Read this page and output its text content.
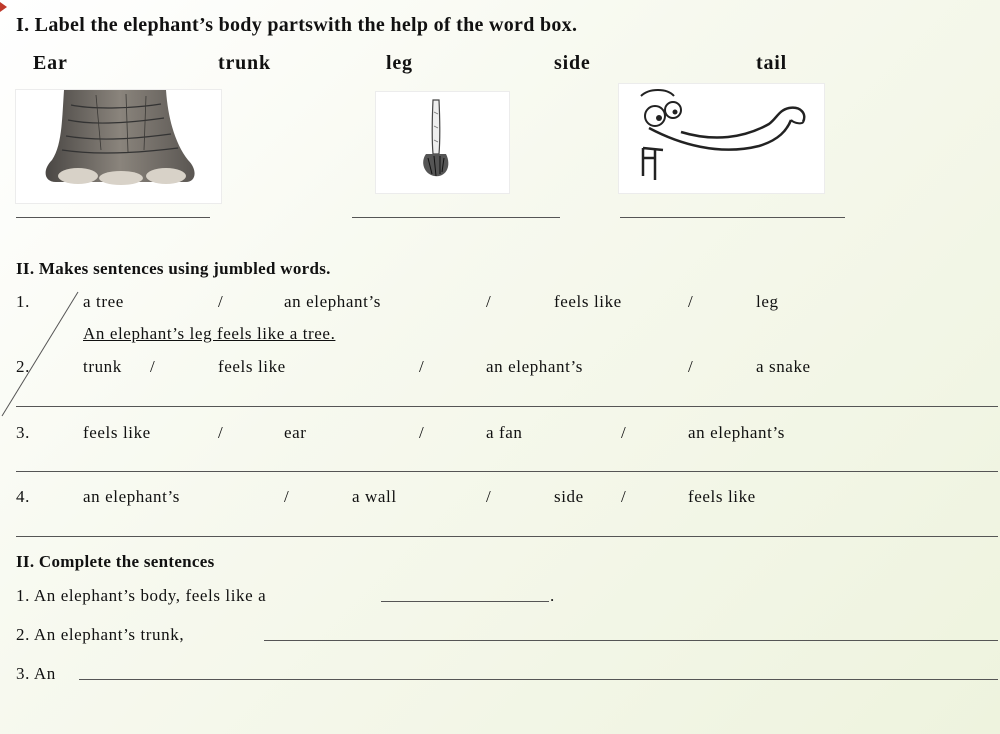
I. Label the elephant’s body partswith the help of the word box.
Ear	trunk	leg	side	tail
II. Makes sentences using jumbled words.
1.	a tree	/	an elephant’s	/	feels like	/	leg
An elephant’s leg feels like a tree.
2.	trunk /	feels like	/	an elephant’s	/	a snake
3.	feels like	/	ear	/	a fan	/	an elephant’s
4.	an elephant’s	/	a wall	/	side /	feels like
II. Complete the sentences
1. An elephant’s body, feels like a	.
2. An elephant’s trunk,
3. An
